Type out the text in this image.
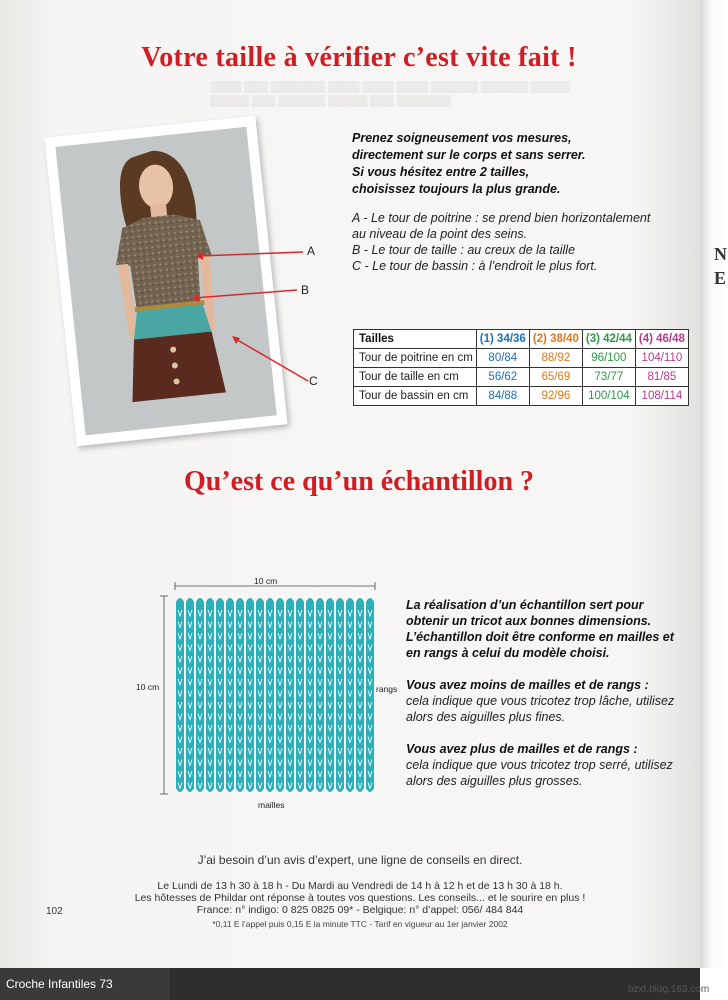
▒▒▒▒ ▒▒▒ ▒▒▒▒▒▒▒ ▒▒▒▒ ▒▒▒▒ ▒▒▒▒ ▒▒▒▒▒▒ ▒▒▒▒▒▒ ▒▒▒▒▒
▒▒▒▒▒ ▒▒▒ ▒▒▒▒▒▒ ▒▒▒▒▒ ▒▒▒ ▒▒▒▒▒▒▒
N
E
Votre taille à vérifier c’est vite fait !
A
B
C
Prenez soigneusement vos mesures,
directement sur le corps et sans serrer.
Si vous hésitez entre 2 tailles,
choisissez toujours la plus grande.
A - Le tour de poitrine : se prend bien horizontalement
au niveau de la point des seins.
B - Le tour de taille : au creux de la taille
C - Le tour de bassin : à l’endroit le plus fort.
Tailles	(1) 34/36	(2) 38/40	(3) 42/44	(4) 46/48
Tour de poitrine en cm	80/84	88/92	96/100	104/110
Tour de taille en cm	56/62	65/69	73/77	81/85
Tour de bassin en cm	84/88	92/96	100/104	108/114
Qu’est ce qu’un échantillon ?
10 cm
10 cm	rangs
mailles

La réalisation d’un échantillon sert pour obtenir un tricot aux bonnes dimensions. L’échantillon doit être conforme en mailles et en rangs à celui du modèle choisi.

Vous avez moins de mailles et de rangs :
cela indique que vous tricotez trop lâche, utilisez alors des aiguilles plus fines.

Vous avez plus de mailles et de rangs :
cela indique que vous tricotez trop serré, utilisez alors des aiguilles plus grosses.

J’ai besoin d’un avis d’expert, une ligne de conseils en direct.
Le Lundi de 13 h 30 à 18 h - Du Mardi au Vendredi de 14 h à 12 h et de 13 h 30 à 18 h.
Les hôtesses de Phildar ont réponse à toutes vos questions. Les conseils... et le sourire en plus !
France: n° indigo: 0 825 0825 09* - Belgique: n° d’appel: 056/ 484 844
*0,11 E l’appel puis 0,15 E la minute TTC - Tarif en vigueur au 1er janvier 2002
102
Croche Infantiles 73	bzxf.blog.163.com
